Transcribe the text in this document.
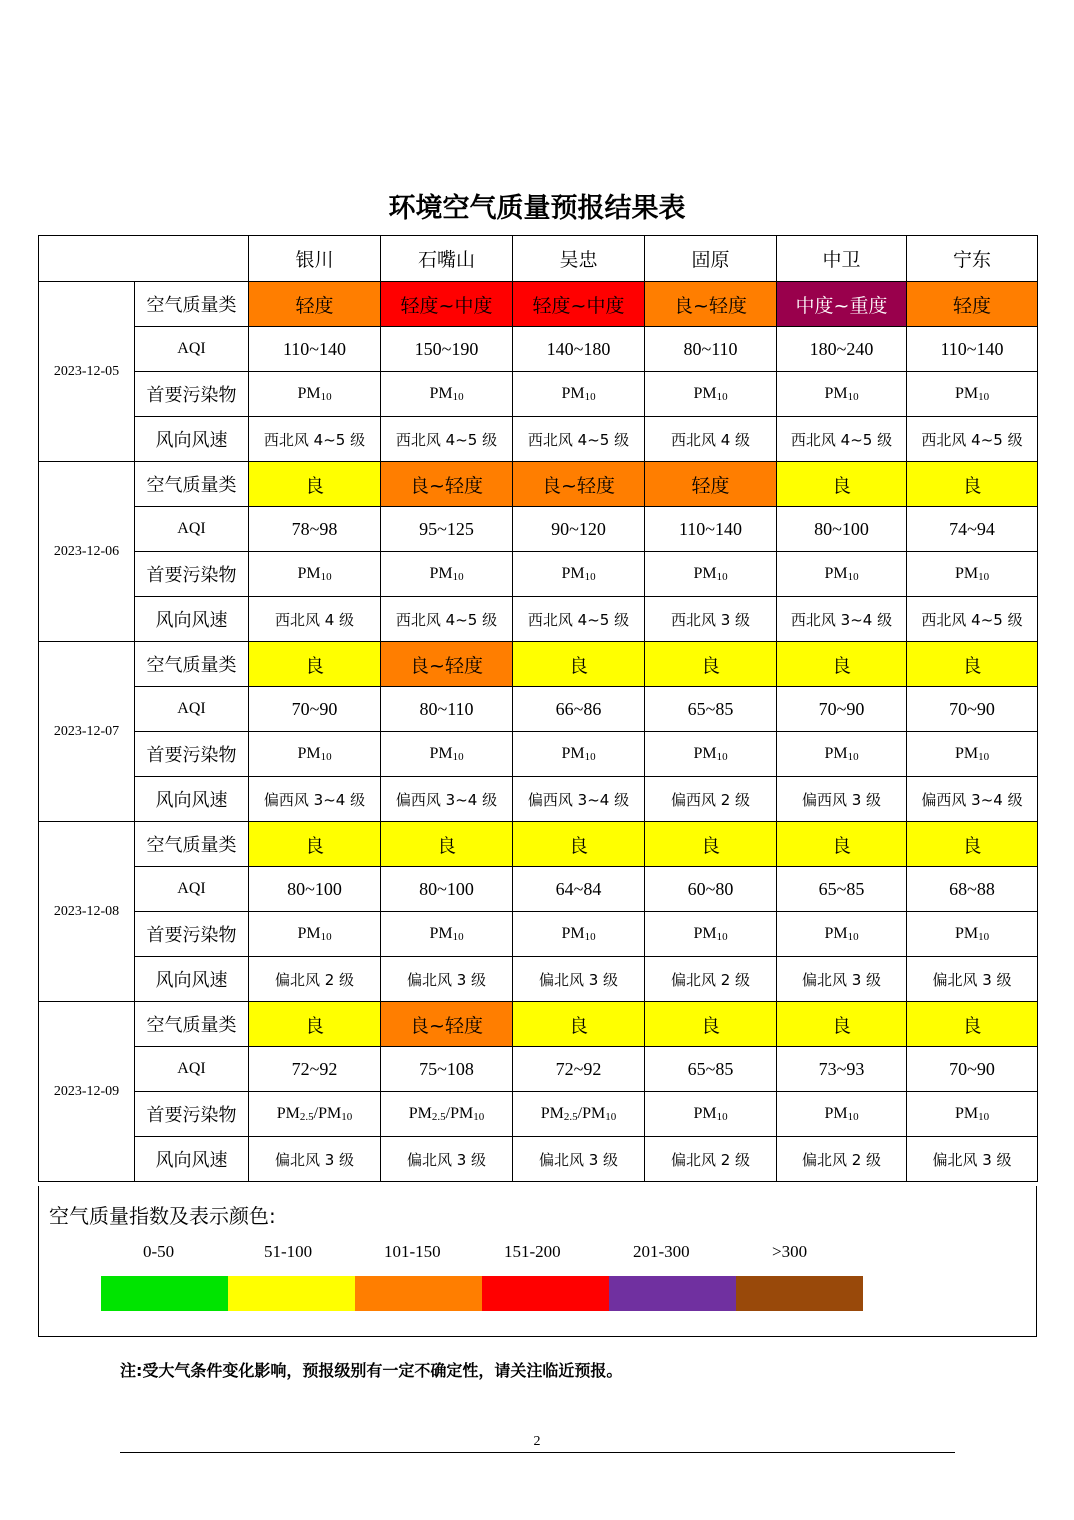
环境空气质量预报结果表
		银川	石嘴山	吴忠	固原	中卫	宁东
2023-12-05	空气质量类	轻度	轻度~中度	轻度~中度	良~轻度	中度~重度	轻度
	AQI	110~140	150~190	140~180	80~110	180~240	110~140
	首要污染物	$PM_{10}$	$PM_{10}$	$PM_{10}$	$PM_{10}$	$PM_{10}$	$PM_{10}$
	风向风速	西北风 4~5 级	西北风 4~5 级	西北风 4~5 级	西北风 4 级	西北风 4~5 级	西北风 4~5 级
2023-12-06	空气质量类	良	良~轻度	良~轻度	轻度	良	良
	AQI	78~98	95~125	90~120	110~140	80~100	74~94
	首要污染物	$PM_{10}$	$PM_{10}$	$PM_{10}$	$PM_{10}$	$PM_{10}$	$PM_{10}$
	风向风速	西北风 4 级	西北风 4~5 级	西北风 4~5 级	西北风 3 级	西北风 3~4 级	西北风 4~5 级
2023-12-07	空气质量类	良	良~轻度	良	良	良	良
	AQI	70~90	80~110	66~86	65~85	70~90	70~90
	首要污染物	$PM_{10}$	$PM_{10}$	$PM_{10}$	$PM_{10}$	$PM_{10}$	$PM_{10}$
	风向风速	偏西风 3~4 级	偏西风 3~4 级	偏西风 3~4 级	偏西风 2 级	偏西风 3 级	偏西风 3~4 级
2023-12-08	空气质量类	良	良	良	良	良	良
	AQI	80~100	80~100	64~84	60~80	65~85	68~88
	首要污染物	$PM_{10}$	$PM_{10}$	$PM_{10}$	$PM_{10}$	$PM_{10}$	$PM_{10}$
	风向风速	偏北风 2 级	偏北风 3 级	偏北风 3 级	偏北风 2 级	偏北风 3 级	偏北风 3 级
2023-12-09	空气质量类	良	良~轻度	良	良	良	良
	AQI	72~92	75~108	72~92	65~85	73~93	70~90
	首要污染物	$PM_{2.5}/PM_{10}$	$PM_{2.5}/PM_{10}$	$PM_{2.5}/PM_{10}$	$PM_{10}$	$PM_{10}$	$PM_{10}$
	风向风速	偏北风 3 级	偏北风 3 级	偏北风 3 级	偏北风 2 级	偏北风 2 级	偏北风 3 级
空气质量指数及表示颜色:
0-50	51-100	101-150	151-200	201-300	>300
注:受大气条件变化影响，预报级别有一定不确定性，请关注临近预报。
2
